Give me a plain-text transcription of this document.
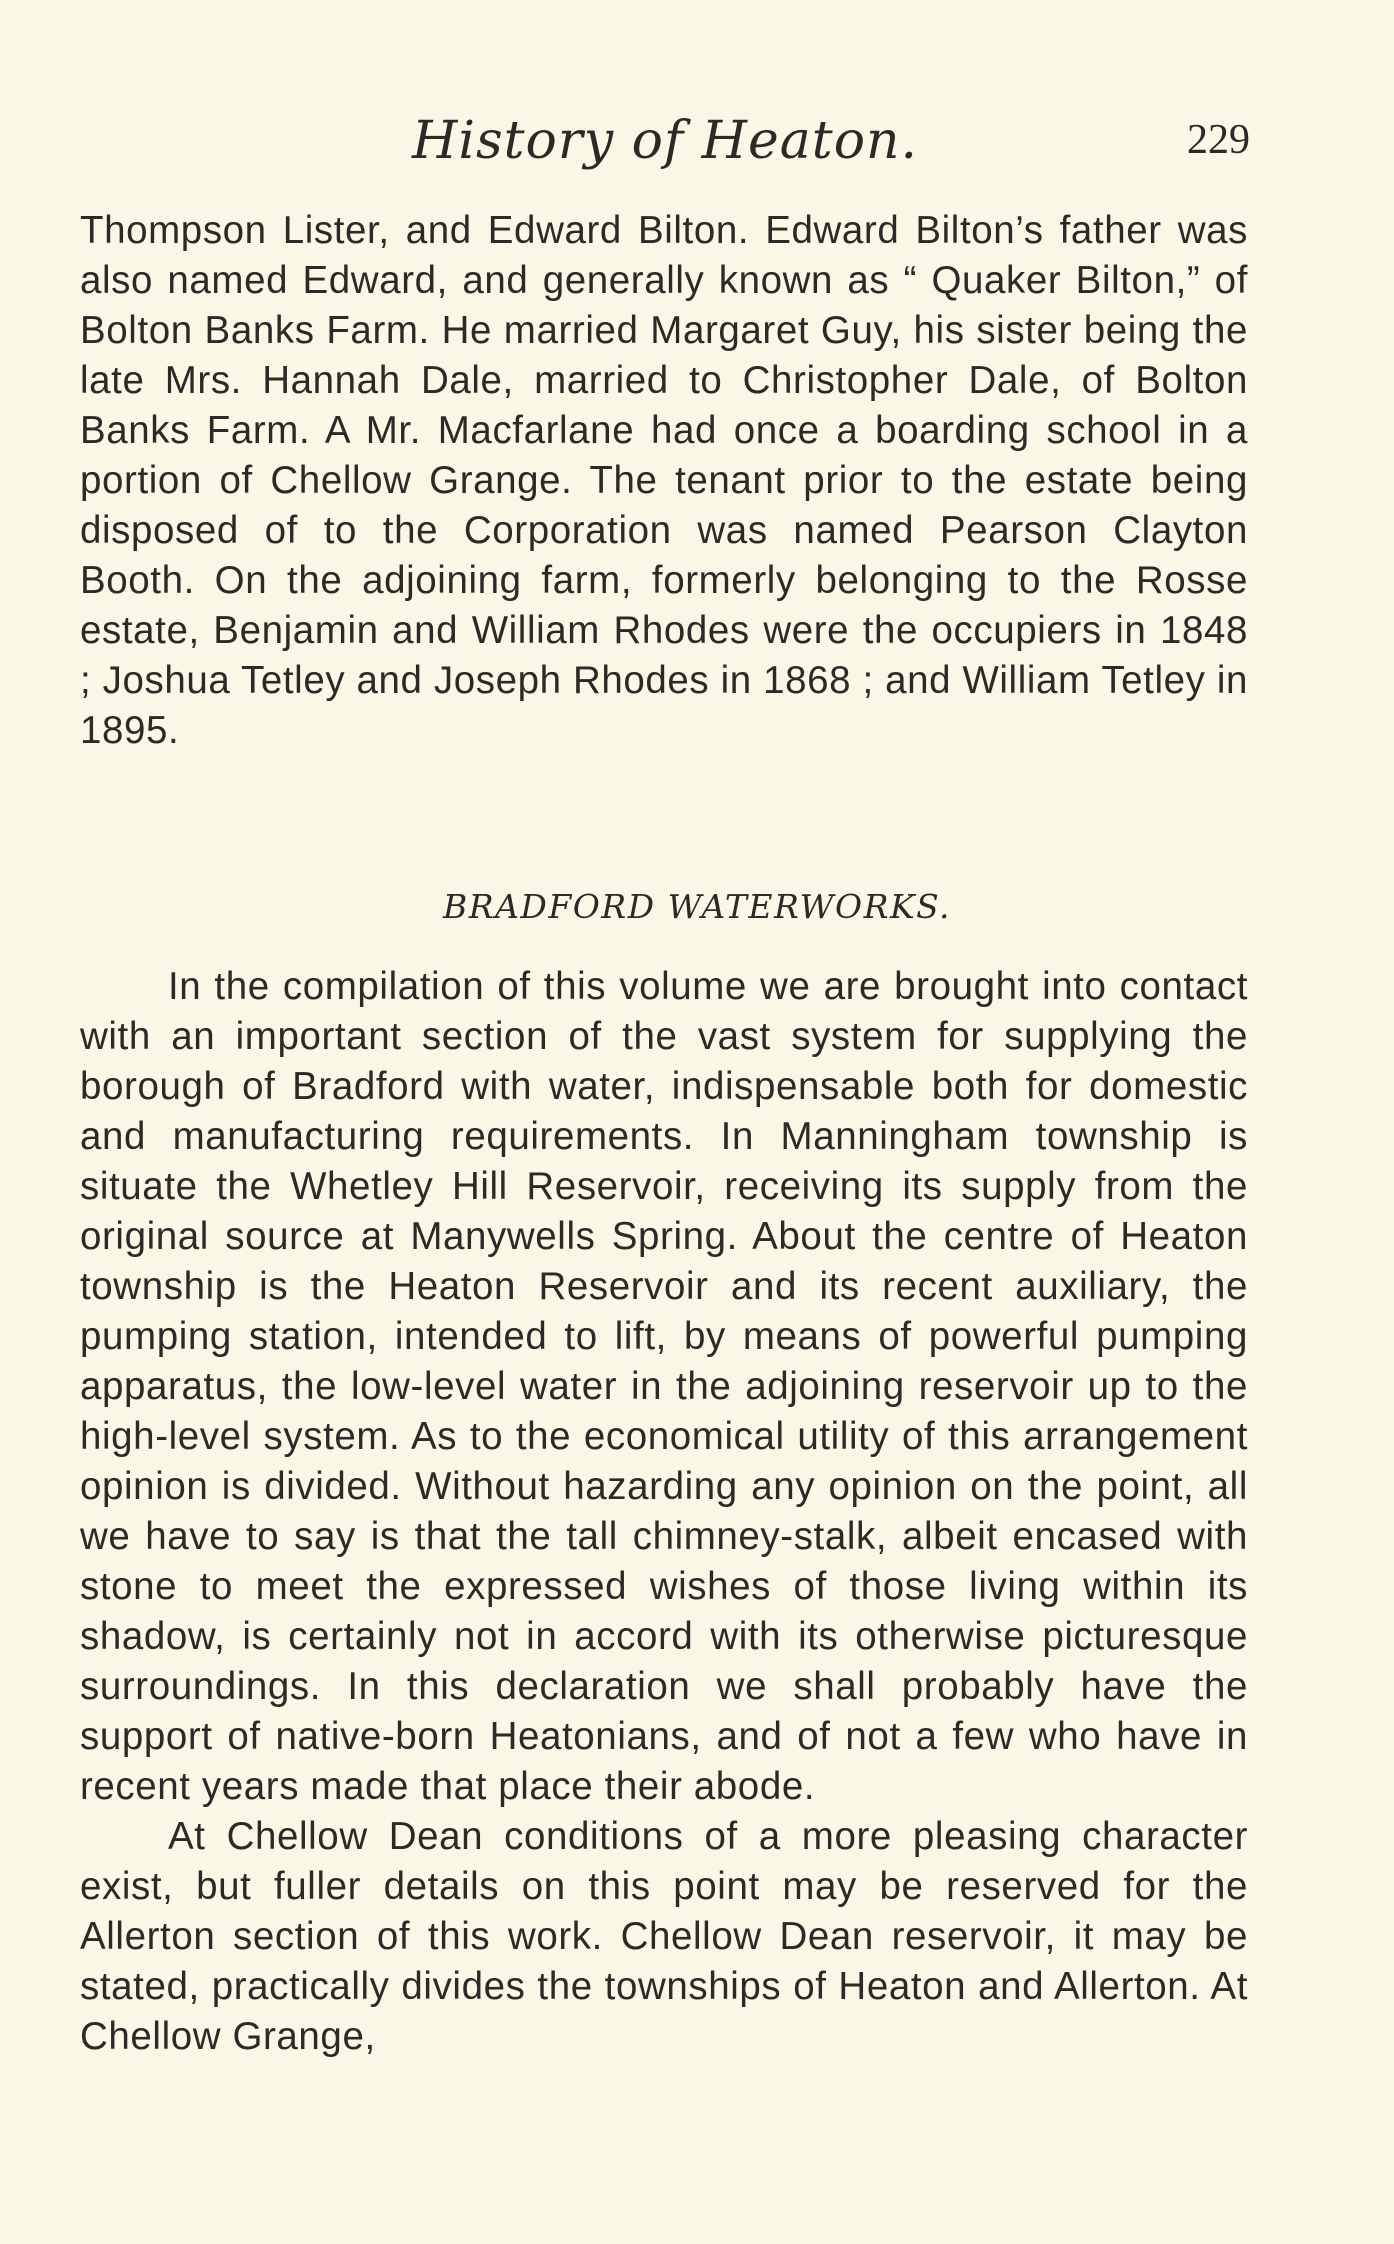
History of Heaton.	229

Thompson Lister, and Edward Bilton. Edward Bilton’s father was also named Edward, and generally known as “ Quaker Bilton,” of Bolton Banks Farm. He married Margaret Guy, his sister being the late Mrs. Hannah Dale, married to Christopher Dale, of Bolton Banks Farm. A Mr. Macfarlane had once a boarding school in a portion of Chellow Grange. The tenant prior to the estate being disposed of to the Corporation was named Pearson Clayton Booth. On the adjoining farm, formerly belonging to the Rosse estate, Benjamin and William Rhodes were the occupiers in 1848 ; Joshua Tetley and Joseph Rhodes in 1868 ; and William Tetley in 1895.

BRADFORD WATERWORKS.

In the compilation of this volume we are brought into contact with an important section of the vast system for supplying the borough of Bradford with water, indispensable both for domestic and manufacturing requirements. In Manningham township is situate the Whetley Hill Reservoir, receiving its supply from the original source at Manywells Spring. About the centre of Heaton township is the Heaton Reservoir and its recent auxiliary, the pumping station, intended to lift, by means of powerful pumping apparatus, the low-level water in the adjoining reservoir up to the high-level system. As to the economical utility of this arrangement opinion is divided. Without hazarding any opinion on the point, all we have to say is that the tall chimney-stalk, albeit encased with stone to meet the expressed wishes of those living within its shadow, is certainly not in accord with its otherwise picturesque surroundings. In this declaration we shall probably have the support of native-born Heatonians, and of not a few who have in recent years made that place their abode.

At Chellow Dean conditions of a more pleasing character exist, but fuller details on this point may be reserved for the Allerton section of this work. Chellow Dean reservoir, it may be stated, practically divides the townships of Heaton and Allerton. At Chellow Grange,
